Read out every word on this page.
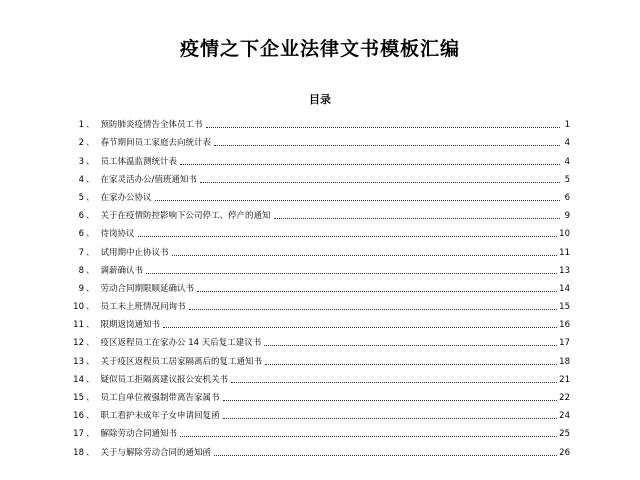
疫情之下企业法律文书模板汇编
目录
1 、 预防肺炎疫情告全体员工书	1
2 、 春节期间员工家庭去向统计表	4
3 、 员工体温监测统计表	4
4 、 在家灵活办公/值班通知书	5
5 、 在家办公协议	6
6 、 关于在疫情防控影响下公司停工、停产的通知	9
6 、 待岗协议	10
7 、 试用期中止协议书	11
8 、 调薪确认书	13
9 、 劳动合同期限顺延确认书	14
10 、 员工未上班情况问询书	15
11 、 限期返岗通知书	16
12 、 疫区返程员工在家办公 14 天后复工建议书	17
13 、 关于疫区返程员工居家隔离后的复工通知书	18
14 、 疑似员工拒隔离建议报公安机关书	21
15 、 员工自单位被强制带离告家属书	22
16 、 职工看护未成年子女申请回复函	24
17 、 解除劳动合同通知书	25
18 、 关于与解除劳动合同的通知函	26
